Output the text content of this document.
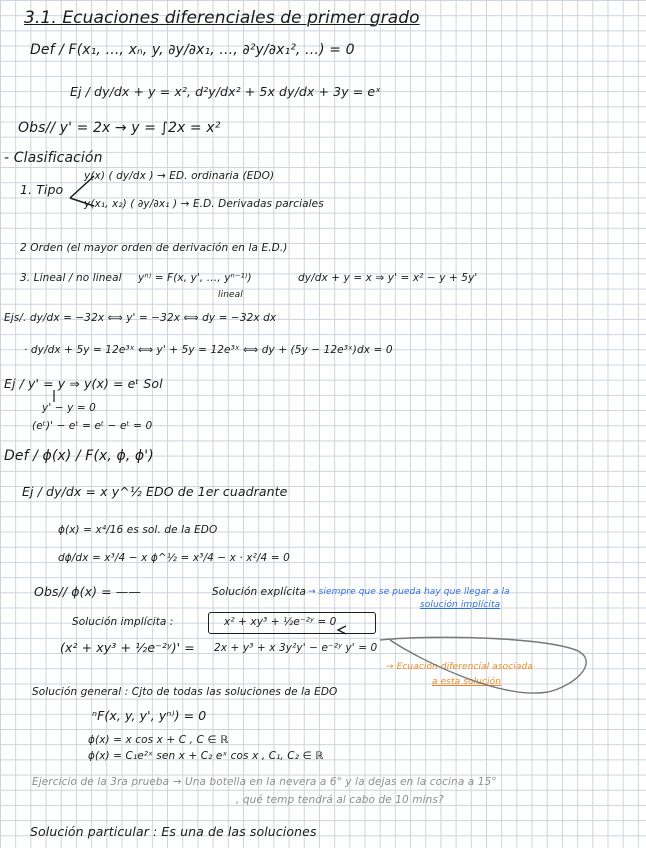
3.1. Ecuaciones diferenciales de primer grado
Def / F(x₁, …, xₙ, y, ∂y/∂x₁, …, ∂²y/∂x₁², …) = 0
Ej / dy/dx + y = x², d²y/dx² + 5x dy/dx + 3y = eˣ
Obs// y' = 2x → y = ∫2x = x²
- Clasificación
1. Tipo
y(x) ( dy/dx ) → ED. ordinaria (EDO)
y(x₁, x₂) ( ∂y/∂x₁ ) → E.D. Derivadas parciales
2 Orden (el mayor orden de derivación en la E.D.)
3. Lineal / no lineal yⁿ⁾ = F(x, y', …, yⁿ⁻¹⁾)
lineal
dy/dx + y = x ⇒ y' = x² − y + 5y'
Ejs/. dy/dx = −32x ⟺ y' = −32x ⟺ dy = −32x dx
· dy/dx + 5y = 12e³ˣ ⟺ y' + 5y = 12e³ˣ ⟺ dy + (5y − 12e³ˣ)dx = 0
Ej / y' = y ⇒ y(x) = eᵗ Sol
y' − y = 0
(eᵗ)' − eᵗ = eᵗ − eᵗ = 0
Def / ϕ(x) / F(x, ϕ, ϕ')
Ej / dy/dx = x y^½ EDO de 1er cuadrante
ϕ(x) = x⁴/16 es sol. de la EDO
dϕ/dx = x³/4 − x ϕ^½ = x³/4 − x · x²/4 = 0
Obs// ϕ(x) = ——	Solución explícita → siempre que se pueda hay que llegar a la
solución implícita
Solución implícita :	x² + xy³ + ½e⁻²ʸ = 0
(x² + xy³ + ½e⁻²ʸ)' = 2x + y³ + x 3y²y' − e⁻²ʸ y' = 0
→ Ecuación diferencial asociada
a esta solución
Solución general : Cjto de todas las soluciones de la EDO
ⁿF(x, y, y', yⁿ⁾) = 0
ϕ(x) = x cos x + C , C ∈ ℝ
ϕ(x) = C₁e²ˣ sen x + C₂ eˣ cos x , C₁, C₂ ∈ ℝ
Ejercicio de la 3ra prueba → Una botella en la nevera a 6° y la dejas en la cocina a 15°
, qué temp tendrá al cabo de 10 mins?
Solución particular : Es una de las soluciones
